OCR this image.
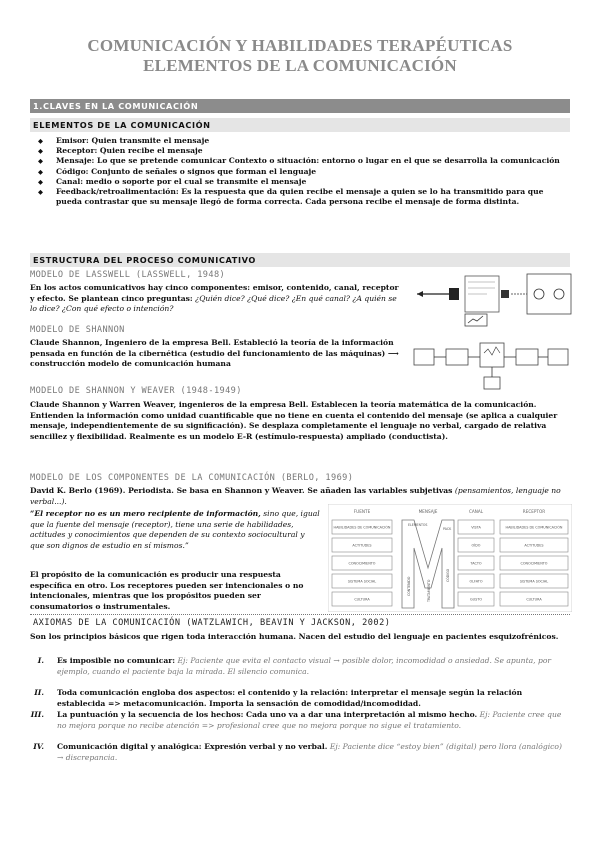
COMUNICACIÓN Y HABILIDADES TERAPÉUTICAS
ELEMENTOS DE LA COMUNICACIÓN
1.CLAVES EN LA COMUNICACIÓN
ELEMENTOS DE LA COMUNICACIÓN
◆ Emisor: Quien transmite el mensaje
◆ Receptor: Quien recibe el mensaje
◆ Mensaje: Lo que se pretende comunicar Contexto o situación: entorno o lugar en el que se desarrolla la comunicación
◆ Código: Conjunto de señales o signos que forman el lenguaje
◆ Canal: medio o soporte por el cual se transmite el mensaje
◆ Feedback/retroalimentación: Es la respuesta que da quien recibe el mensaje a quien se lo ha transmitido para que pueda contrastar que su mensaje llegó de forma correcta. Cada persona recibe el mensaje de forma distinta.
ESTRUCTURA DEL PROCESO COMUNICATIVO
MODELO DE LASSWELL (LASSWELL, 1948)
En los actos comunicativos hay cinco componentes: emisor, contenido, canal, receptor y efecto. Se plantean cinco preguntas: ¿Quién dice? ¿Qué dice? ¿En qué canal? ¿A quién se lo dice? ¿Con qué efecto o intención?
MODELO DE SHANNON
Claude Shannon, Ingeniero de la empresa Bell. Estableció la teoría de la información pensada en función de la cibernética (estudio del funcionamiento de las máquinas) ⟶ construcción modelo de comunicación humana
MODELO DE SHANNON Y WEAVER (1948-1949)
Claude Shannon y Warren Weaver, ingenieros de la empresa Bell. Establecen la teoría matemática de la comunicación. Entienden la información como unidad cuantificable que no tiene en cuenta el contenido del mensaje (se aplica a cualquier mensaje, independientemente de su significación). Se desplaza completamente el lenguaje no verbal, cargado de relativa sencillez y flexibilidad. Realmente es un modelo E-R (estímulo-respuesta) ampliado (conductista).
MODELO DE LOS COMPONENTES DE LA COMUNICACIÓN (BERLO, 1969)
David K. Berlo (1969). Periodista. Se basa en Shannon y Weaver. Se añaden las variables subjetivas (pensamientos, lenguaje no verbal...).
“El receptor no es un mero recipiente de información, sino que, igual que la fuente del mensaje (receptor), tiene una serie de habilidades, actitudes y conocimientos que dependen de su contexto sociocultural y que son dignos de estudio en sí mismos.”
El propósito de la comunicación es producir una respuesta específica en otro. Los receptores pueden ser intencionales o no intencionales, mientras que los propósitos pueden ser consumatorios o instrumentales.
FUENTE	MENSAJE	CANAL	RECEPTOR
HABILIDADES DE COMUNICACIÓN
ACTITUDES
CONOCIMIENTO
SISTEMA SOCIAL
CULTURA
VISTA
OÍDO
TACTO
OLFATO
GUSTO
HABILIDADES DE COMUNICACIÓN
ACTITUDES
CONOCIMIENTO
SISTEMA SOCIAL
CULTURA
ELEMENTOS
PACK
CONTENIDO	TRATAMIENTO
CÓDIGO
AXIOMAS DE LA COMUNICACIÓN (WATZLAWICH, BEAVIN Y JACKSON, 2002)
Son los principios básicos que rigen toda interacción humana. Nacen del estudio del lenguaje en pacientes esquizofrénicos.
I. Es imposible no comunicar: Ej: Paciente que evita el contacto visual → posible dolor, incomodidad o ansiedad. Se apunta, por ejemplo, cuando el paciente baja la mirada. El silencio comunica.
II. Toda comunicación engloba dos aspectos: el contenido y la relación: interpretar el mensaje según la relación establecida => metacomunicación. Importa la sensación de comodidad/incomodidad.
III. La puntuación y la secuencia de los hechos: Cada uno va a dar una interpretación al mismo hecho. Ej: Paciente cree que no mejora porque no recibe atención => profesional cree que no mejora porque no sigue el tratamiento.
IV. Comunicación digital y analógica: Expresión verbal y no verbal. Ej: Paciente dice “estoy bien” (digital) pero llora (analógico) → discrepancia.
